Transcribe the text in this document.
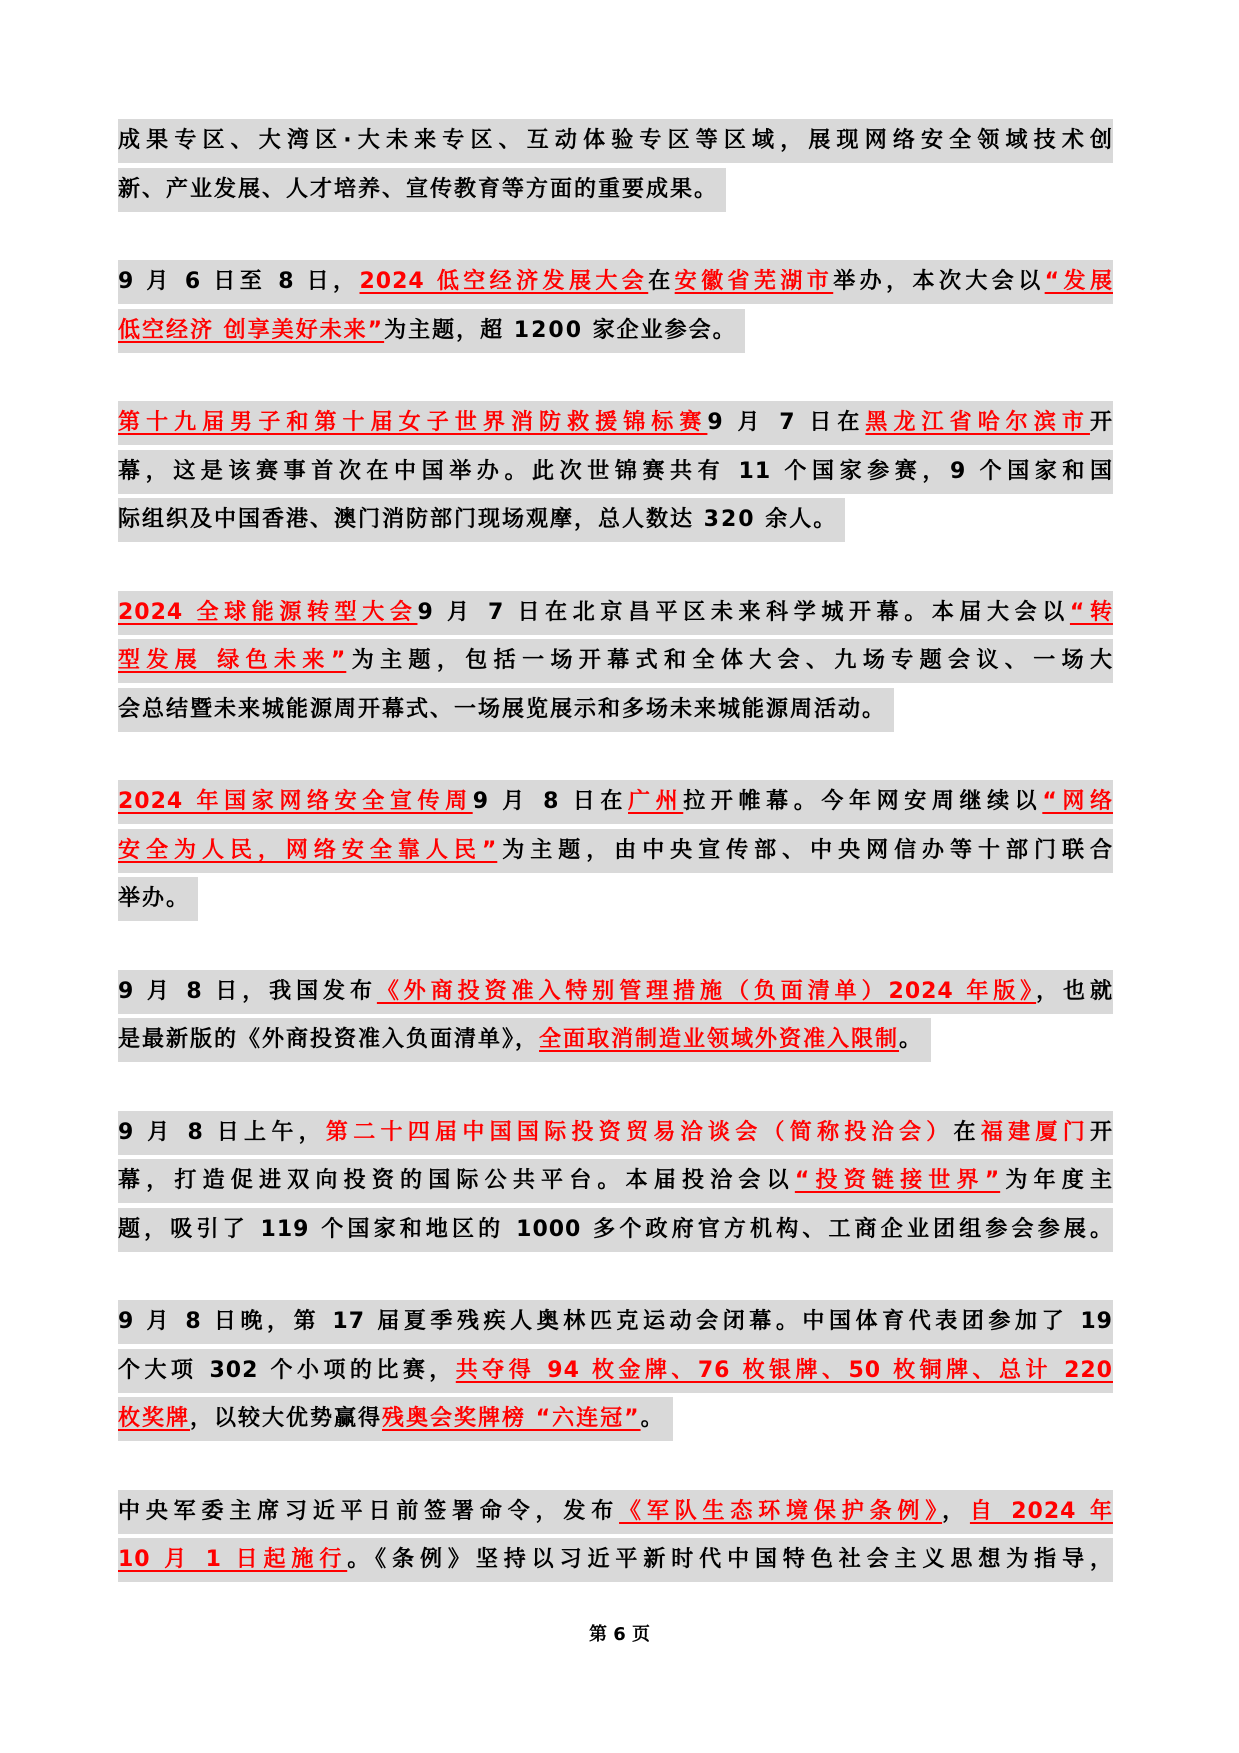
成果专区、大湾区·大未来专区、互动体验专区等区域，展现网络安全领域技术创
新、产业发展、人才培养、宣传教育等方面的重要成果。
9 月 6 日至 8 日，2024 低空经济发展大会在安徽省芜湖市举办，本次大会以“发展
低空经济 创享美好未来”为主题，超 1200 家企业参会。
第十九届男子和第十届女子世界消防救援锦标赛9 月 7 日在黑龙江省哈尔滨市开
幕，这是该赛事首次在中国举办。此次世锦赛共有 11 个国家参赛，9 个国家和国
际组织及中国香港、澳门消防部门现场观摩，总人数达 320 余人。
2024 全球能源转型大会9 月 7 日在北京昌平区未来科学城开幕。本届大会以“转
型发展 绿色未来”为主题，包括一场开幕式和全体大会、九场专题会议、一场大
会总结暨未来城能源周开幕式、一场展览展示和多场未来城能源周活动。
2024 年国家网络安全宣传周9 月 8 日在广州拉开帷幕。今年网安周继续以“网络
安全为人民，网络安全靠人民”为主题，由中央宣传部、中央网信办等十部门联合
举办。
9 月 8 日，我国发布《外商投资准入特别管理措施（负面清单）2024 年版》，也就
是最新版的《外商投资准入负面清单》，全面取消制造业领域外资准入限制。
9 月 8 日上午，第二十四届中国国际投资贸易洽谈会（简称投洽会）在福建厦门开
幕，打造促进双向投资的国际公共平台。本届投洽会以“投资链接世界”为年度主
题，吸引了 119 个国家和地区的 1000 多个政府官方机构、工商企业团组参会参展。
9 月 8 日晚，第 17 届夏季残疾人奥林匹克运动会闭幕。中国体育代表团参加了 19
个大项 302 个小项的比赛，共夺得 94 枚金牌、76 枚银牌、50 枚铜牌、总计 220
枚奖牌，以较大优势赢得残奥会奖牌榜 “六连冠”。
中央军委主席习近平日前签署命令，发布《军队生态环境保护条例》，自 2024 年
10 月 1 日起施行。《条例》坚持以习近平新时代中国特色社会主义思想为指导，
第 6 页
